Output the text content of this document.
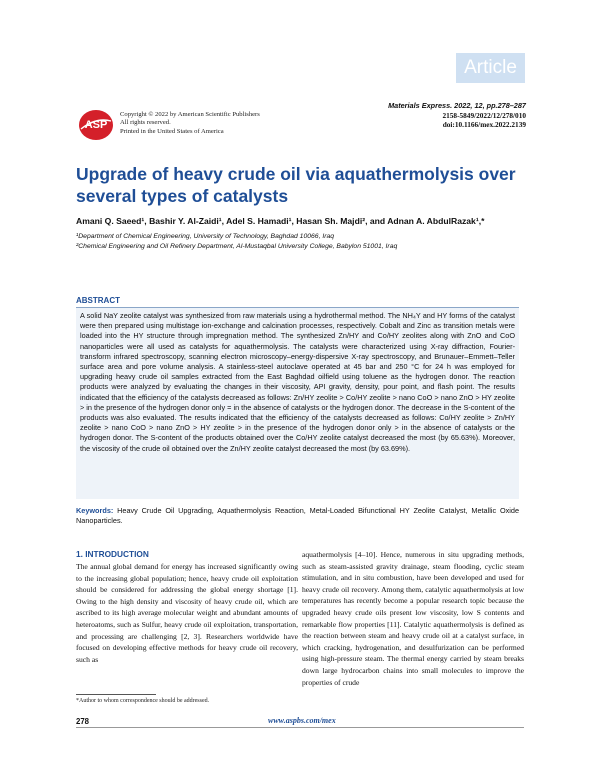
Article
ASP
Copyright © 2022 by American Scientific Publishers
All rights reserved.
Printed in the United States of America
Materials Express. 2022, 12, pp.278–287
2158-5849/2022/12/278/010
doi:10.1166/mex.2022.2139
Upgrade of heavy crude oil via aquathermolysis over several types of catalysts
Amani Q. Saeed¹, Bashir Y. Al-Zaidi¹, Adel S. Hamadi¹, Hasan Sh. Majdi², and Adnan A. AbdulRazak¹,*
¹Department of Chemical Engineering, University of Technology, Baghdad 10066, Iraq
²Chemical Engineering and Oil Refinery Department, Al-Mustaqbal University College, Babylon 51001, Iraq
ABSTRACT
A solid NaY zeolite catalyst was synthesized from raw materials using a hydrothermal method. The NH₄Y and HY forms of the catalyst were then prepared using multistage ion-exchange and calcination processes, respectively. Cobalt and Zinc as transition metals were loaded into the HY structure through impregnation method. The synthesized Zn/HY and Co/HY zeolites along with ZnO and CoO nanoparticles were all used as catalysts for aquathermolysis. The catalysts were characterized using X-ray diffraction, Fourier-transform infrared spectroscopy, scanning electron microscopy–energy-dispersive X-ray spectroscopy, and Brunauer–Emmett–Teller surface area and pore volume analysis. A stainless-steel autoclave operated at 45 bar and 250 °C for 24 h was employed for upgrading heavy crude oil samples extracted from the East Baghdad oilfield using toluene as the hydrogen donor. The reaction products were analyzed by evaluating the changes in their viscosity, API gravity, density, pour point, and flash point. The results indicated that the efficiency of the catalysts decreased as follows: Zn/HY zeolite > Co/HY zeolite > nano CoO > nano ZnO > HY zeolite > in the presence of the hydrogen donor only = in the absence of catalysts or the hydrogen donor. The decrease in the S-content of the products was also evaluated. The results indicated that the efficiency of the catalysts decreased as follows: Co/HY zeolite > Zn/HY zeolite > nano CoO > nano ZnO > HY zeolite > in the presence of the hydrogen donor only > in the absence of catalysts or the hydrogen donor. The S-content of the products obtained over the Co/HY zeolite catalyst decreased the most (by 65.63%). Moreover, the viscosity of the crude oil obtained over the Zn/HY zeolite catalyst decreased the most (by 63.69%).
Keywords: Heavy Crude Oil Upgrading, Aquathermolysis Reaction, Metal-Loaded Bifunctional HY Zeolite Catalyst, Metallic Oxide Nanoparticles.
1. INTRODUCTION
The annual global demand for energy has increased significantly owing to the increasing global population; hence, heavy crude oil exploitation should be considered for addressing the global energy shortage [1]. Owing to the high density and viscosity of heavy crude oil, which are ascribed to its high average molecular weight and abundant amounts of heteroatoms, such as Sulfur, heavy crude oil exploitation, transportation, and processing are challenging [2, 3]. Researchers worldwide have focused on developing effective methods for heavy crude oil recovery, such as
aquathermolysis [4–10]. Hence, numerous in situ upgrading methods, such as steam-assisted gravity drainage, steam flooding, cyclic steam stimulation, and in situ combustion, have been developed and used for heavy crude oil recovery. Among them, catalytic aquathermolysis at low temperatures has recently become a popular research topic because the upgraded heavy crude oils present low viscosity, low S contents and remarkable flow properties [11]. Catalytic aquathermolysis is defined as the reaction between steam and heavy crude oil at a catalyst surface, in which cracking, hydrogenation, and desulfurization can be performed using high-pressure steam. The thermal energy carried by steam breaks down large hydrocarbon chains into small molecules to improve the properties of crude
*Author to whom correspondence should be addressed.
278	www.aspbs.com/mex
